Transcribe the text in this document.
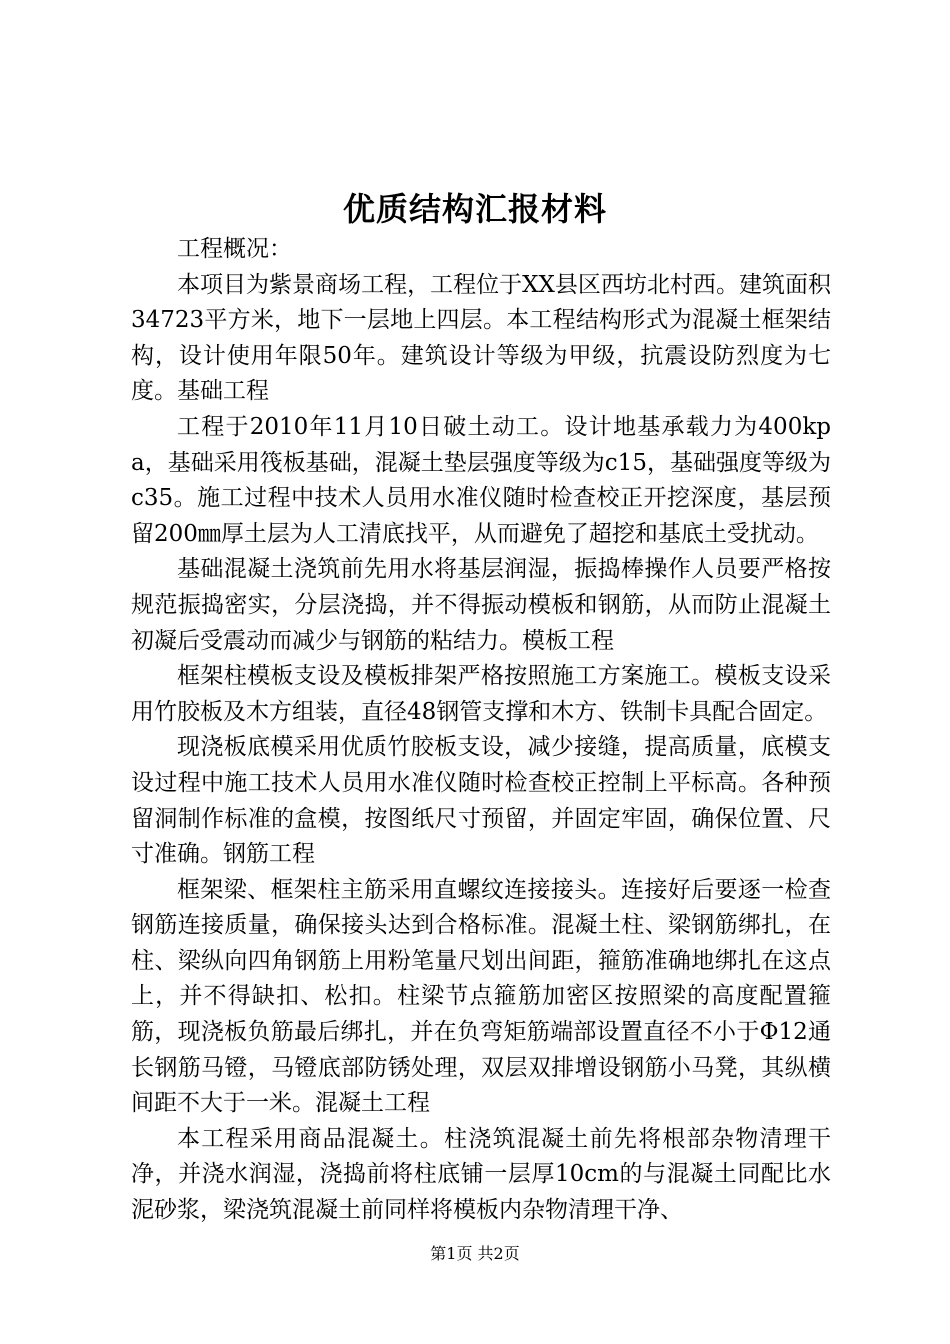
优质结构汇报材料

工程概况：

本项目为紫景商场工程，工程位于XX县区西坊北村西。建筑面积34723平方米，地下一层地上四层。本工程结构形式为混凝土框架结构，设计使用年限50年。建筑设计等级为甲级，抗震设防烈度为七度。基础工程

工程于2010年11月10日破土动工。设计地基承载力为400kpa，基础采用筏板基础，混凝土垫层强度等级为c15，基础强度等级为c35。施工过程中技术人员用水准仪随时检查校正开挖深度，基层预留200㎜厚土层为人工清底找平，从而避免了超挖和基底土受扰动。

基础混凝土浇筑前先用水将基层润湿，振捣棒操作人员要严格按规范振捣密实，分层浇捣，并不得振动模板和钢筋，从而防止混凝土初凝后受震动而减少与钢筋的粘结力。模板工程

框架柱模板支设及模板排架严格按照施工方案施工。模板支设采用竹胶板及木方组装，直径48钢管支撑和木方、铁制卡具配合固定。

现浇板底模采用优质竹胶板支设，减少接缝，提高质量，底模支设过程中施工技术人员用水准仪随时检查校正控制上平标高。各种预留洞制作标准的盒模，按图纸尺寸预留，并固定牢固，确保位置、尺寸准确。钢筋工程

框架梁、框架柱主筋采用直螺纹连接接头。连接好后要逐一检查钢筋连接质量，确保接头达到合格标准。混凝土柱、梁钢筋绑扎，在柱、梁纵向四角钢筋上用粉笔量尺划出间距，箍筋准确地绑扎在这点上，并不得缺扣、松扣。柱梁节点箍筋加密区按照梁的高度配置箍筋，现浇板负筋最后绑扎，并在负弯矩筋端部设置直径不小于Φ12通长钢筋马镫，马镫底部防锈处理，双层双排增设钢筋小马凳，其纵横间距不大于一米。混凝土工程

本工程采用商品混凝土。柱浇筑混凝土前先将根部杂物清理干净，并浇水润湿，浇捣前将柱底铺一层厚10cm的与混凝土同配比水泥砂浆，梁浇筑混凝土前同样将模板内杂物清理干净、

第1页 共2页
